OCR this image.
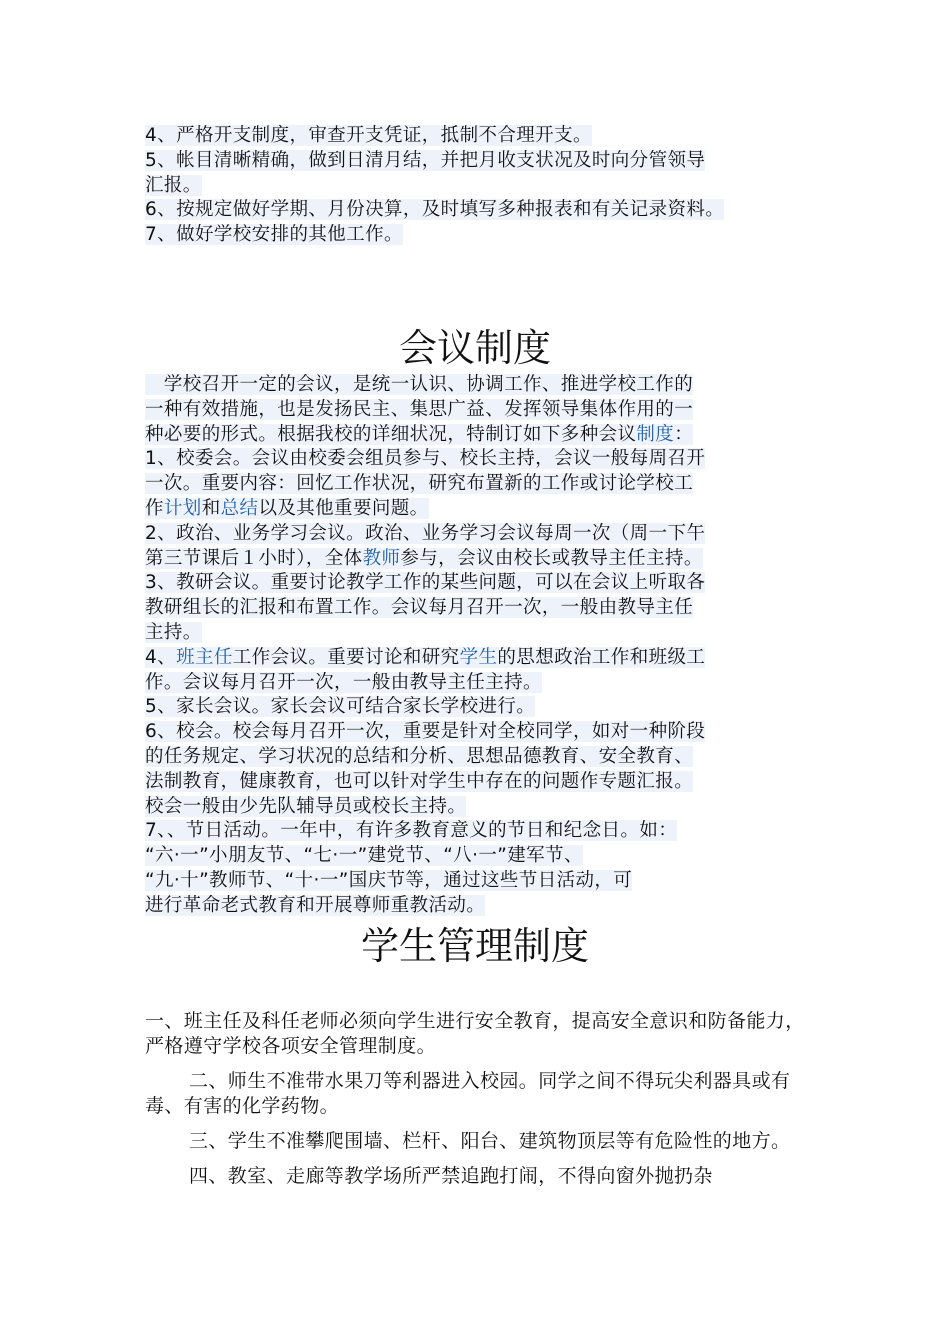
4、严格开支制度，审查开支凭证，抵制不合理开支。
5、帐目清晰精确，做到日清月结，并把月收支状况及时向分管领导
汇报。
6、按规定做好学期、月份决算，及时填写多种报表和有关记录资料。
7、做好学校安排的其他工作。
会议制度
　学校召开一定的会议，是统一认识、协调工作、推进学校工作的
一种有效措施，也是发扬民主、集思广益、发挥领导集体作用的一
种必要的形式。根据我校的详细状况，特制订如下多种会议制度：
1、校委会。会议由校委会组员参与、校长主持，会议一般每周召开
一次。重要内容：回忆工作状况，研究布置新的工作或讨论学校工
作计划和总结以及其他重要问题。
2、政治、业务学习会议。政治、业务学习会议每周一次（周一下午
第三节课后１小时），全体教师参与，会议由校长或教导主任主持。
3、教研会议。重要讨论教学工作的某些问题，可以在会议上听取各
教研组长的汇报和布置工作。会议每月召开一次，一般由教导主任
主持。
4、班主任工作会议。重要讨论和研究学生的思想政治工作和班级工
作。会议每月召开一次，一般由教导主任主持。
5、家长会议。家长会议可结合家长学校进行。
6、校会。校会每月召开一次，重要是针对全校同学，如对一种阶段
的任务规定、学习状况的总结和分析、思想品德教育、安全教育、
法制教育，健康教育，也可以针对学生中存在的问题作专题汇报。
校会一般由少先队辅导员或校长主持。
7、、节日活动。一年中，有许多教育意义的节日和纪念日。如：
“六·一”小朋友节、“七·一”建党节、“八·一”建军节、
“九·十”教师节、“十·一”国庆节等，通过这些节日活动，可
进行革命老式教育和开展尊师重教活动。
学生管理制度

一、班主任及科任老师必须向学生进行安全教育，提高安全意识和防备能力，严格遵守学校各项安全管理制度。

二、师生不准带水果刀等利器进入校园。同学之间不得玩尖利器具或有毒、有害的化学药物。

三、学生不准攀爬围墙、栏杆、阳台、建筑物顶层等有危险性的地方。

四、教室、走廊等教学场所严禁追跑打闹，不得向窗外抛扔杂
